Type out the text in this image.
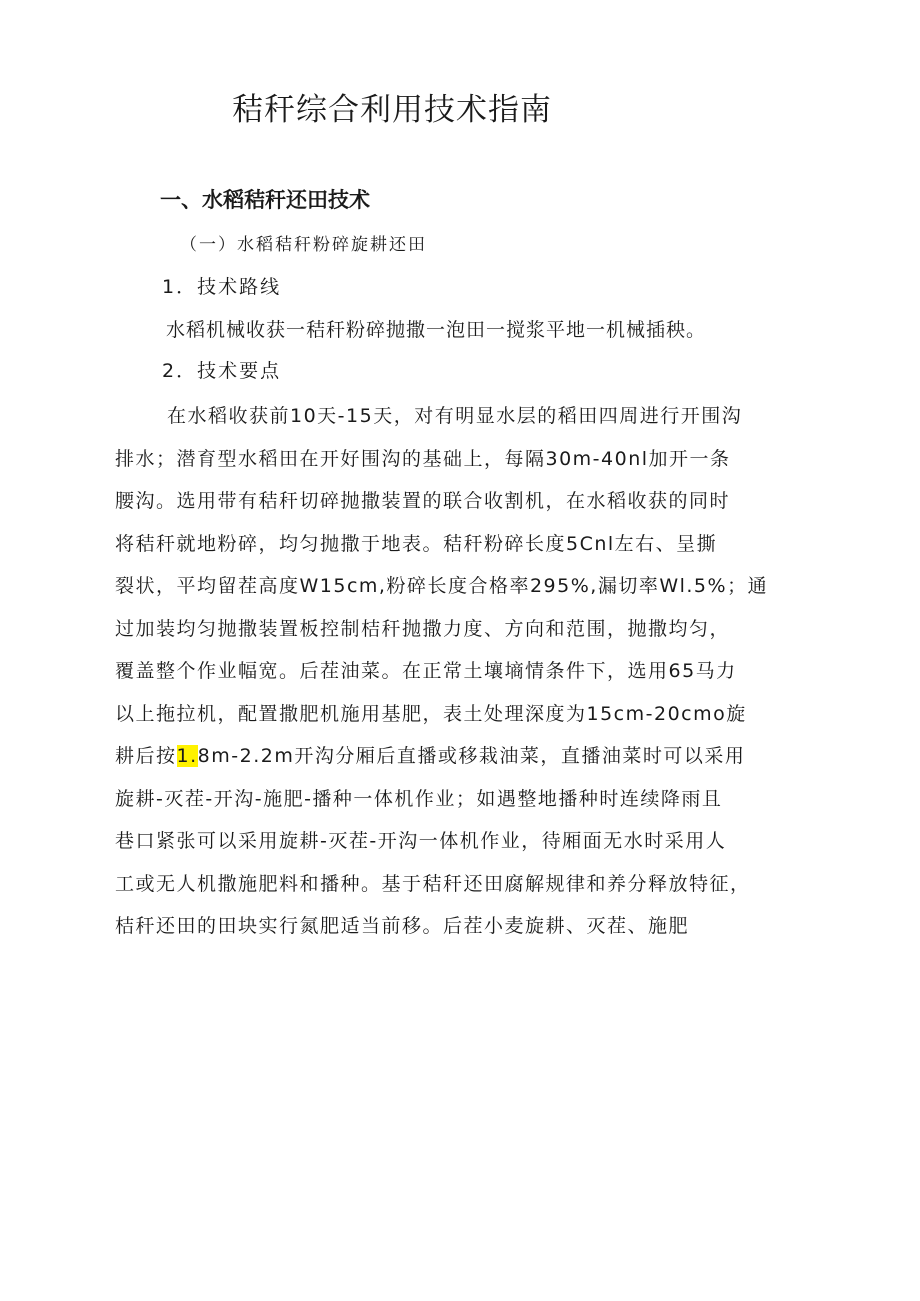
秸秆综合利用技术指南
一、水稻秸秆还田技术
（一）水稻秸秆粉碎旋耕还田
1．技术路线
水稻机械收获一秸秆粉碎抛撒一泡田一搅浆平地一机械插秧。
2．技术要点
在水稻收获前10天-15天，对有明显水层的稻田四周进行开围沟
排水；潜育型水稻田在开好围沟的基础上，每隔30m-40nl加开一条
腰沟。选用带有秸秆切碎抛撒装置的联合收割机，在水稻收获的同时
将秸秆就地粉碎，均匀抛撒于地表。秸秆粉碎长度5Cnl左右、呈撕
裂状，平均留茬高度W15cm,粉碎长度合格率295%,漏切率Wl.5%；通
过加装均匀抛撒装置板控制桔秆抛撒力度、方向和范围，抛撒均匀，
覆盖整个作业幅宽。后茬油菜。在正常土壤墒情条件下，选用65马力
以上拖拉机，配置撒肥机施用基肥，表土处理深度为15cm-20cmo旋
耕后按1.8m-2.2m开沟分厢后直播或移栽油菜，直播油菜时可以采用
旋耕-灭茬-开沟-施肥-播种一体机作业；如遇整地播种时连续降雨且
巷口紧张可以采用旋耕-灭茬-开沟一体机作业，待厢面无水时采用人
工或无人机撒施肥料和播种。基于秸秆还田腐解规律和养分释放特征，
桔秆还田的田块实行氮肥适当前移。后茬小麦旋耕、灭茬、施肥
